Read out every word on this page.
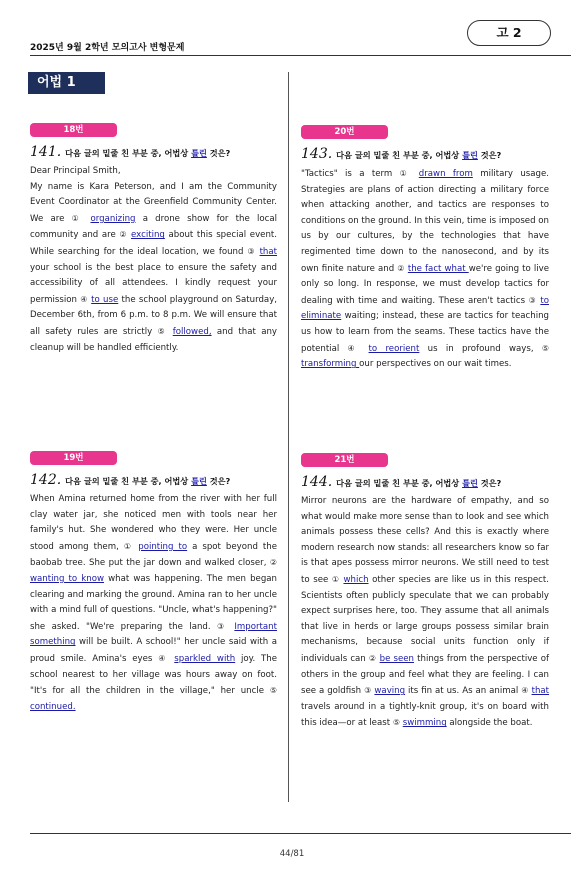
2025년 9월 2학년 모의고사 변형문제
고 2
어법 1
18번
141. 다음 글의 밑줄 친 부분 중, 어법상 틀린 것은?
Dear Principal Smith,
My name is Kara Peterson, and I am the Community Event Coordinator at the Greenfield Community Center. We are ① organizing a drone show for the local community and are ② exciting about this special event. While searching for the ideal location, we found ③ that your school is the best place to ensure the safety and accessibility of all attendees. I kindly request your permission ④ to use the school playground on Saturday, December 6th, from 6 p.m. to 8 p.m. We will ensure that all safety rules are strictly ⑤ followed, and that any cleanup will be handled efficiently.
19번
142. 다음 글의 밑줄 친 부분 중, 어법상 틀린 것은?
When Amina returned home from the river with her full clay water jar, she noticed men with tools near her family's hut. She wondered who they were. Her uncle stood among them, ① pointing to a spot beyond the baobab tree. She put the jar down and walked closer, ② wanting to know what was happening. The men began clearing and marking the ground. Amina ran to her uncle with a mind full of questions. "Uncle, what's happening?" she asked. "We're preparing the land. ③ Important something will be built. A school!" her uncle said with a proud smile. Amina's eyes ④ sparkled with joy. The school nearest to her village was hours away on foot. "It's for all the children in the village," her uncle ⑤ continued.
20번
143. 다음 글의 밑줄 친 부분 중, 어법상 틀린 것은?
"Tactics" is a term ① drawn from military usage. Strategies are plans of action directing a military force when attacking another, and tactics are responses to conditions on the ground. In this vein, time is imposed on us by our cultures, by the technologies that have regimented time down to the nanosecond, and by its own finite nature and ② the fact what we're going to live only so long. In response, we must develop tactics for dealing with time and waiting. These aren't tactics ③ to eliminate waiting; instead, these are tactics for teaching us how to learn from the seams. These tactics have the potential ④ to reorient us in profound ways, ⑤ transforming our perspectives on our wait times.
21번
144. 다음 글의 밑줄 친 부분 중, 어법상 틀린 것은?
Mirror neurons are the hardware of empathy, and so what would make more sense than to look and see which animals possess these cells? And this is exactly where modern research now stands: all researchers know so far is that apes possess mirror neurons. We still need to test to see ① which other species are like us in this respect. Scientists often publicly speculate that we can probably expect surprises here, too. They assume that all animals that live in herds or large groups possess similar brain mechanisms, because social units function only if individuals can ② be seen things from the perspective of others in the group and feel what they are feeling. I can see a goldfish ③ waving its fin at us. As an animal ④ that travels around in a tightly-knit group, it's on board with this idea—or at least ⑤ swimming alongside the boat.
44/81
